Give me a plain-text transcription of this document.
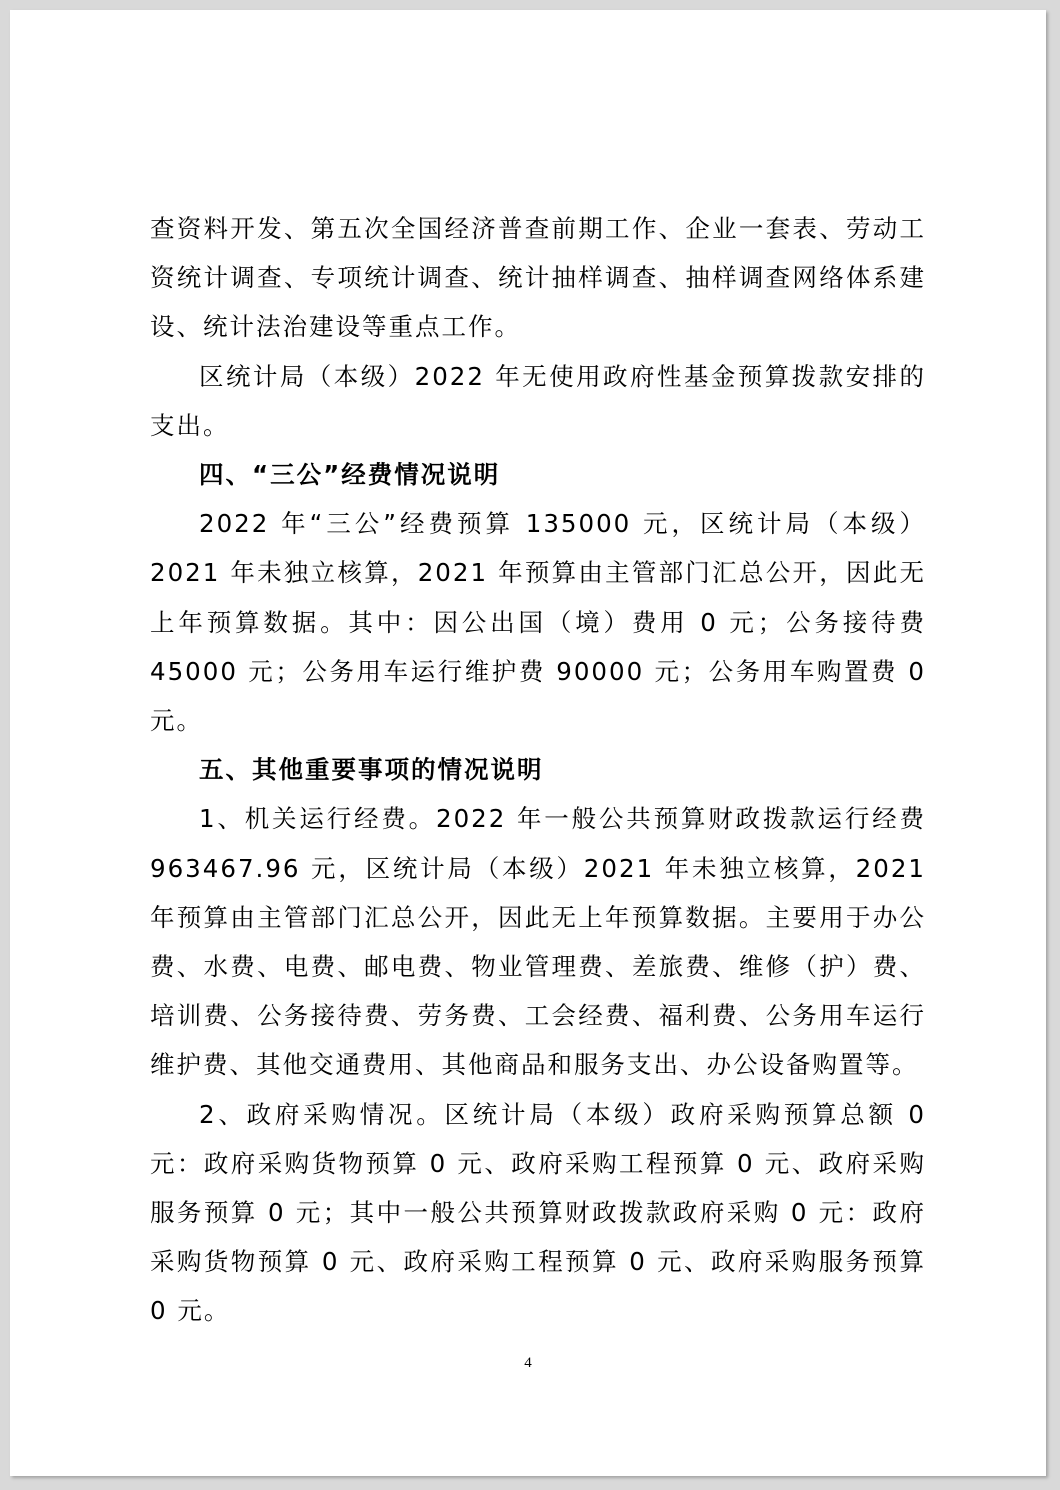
查资料开发、第五次全国经济普查前期工作、企业一套表、劳动工资统计调查、专项统计调查、统计抽样调查、抽样调查网络体系建设、统计法治建设等重点工作。

区统计局（本级）2022 年无使用政府性基金预算拨款安排的支出。

四、“三公”经费情况说明

2022 年“三公”经费预算 135000 元，区统计局（本级）2021 年未独立核算，2021 年预算由主管部门汇总公开，因此无上年预算数据。其中：因公出国（境）费用 0 元；公务接待费 45000 元；公务用车运行维护费 90000 元；公务用车购置费 0 元。

五、其他重要事项的情况说明

1、机关运行经费。2022 年一般公共预算财政拨款运行经费 963467.96 元，区统计局（本级）2021 年未独立核算，2021 年预算由主管部门汇总公开，因此无上年预算数据。主要用于办公费、水费、电费、邮电费、物业管理费、差旅费、维修（护）费、培训费、公务接待费、劳务费、工会经费、福利费、公务用车运行维护费、其他交通费用、其他商品和服务支出、办公设备购置等。

2、政府采购情况。区统计局（本级）政府采购预算总额 0 元：政府采购货物预算 0 元、政府采购工程预算 0 元、政府采购服务预算 0 元；其中一般公共预算财政拨款政府采购 0 元：政府采购货物预算 0 元、政府采购工程预算 0 元、政府采购服务预算 0 元。

4
